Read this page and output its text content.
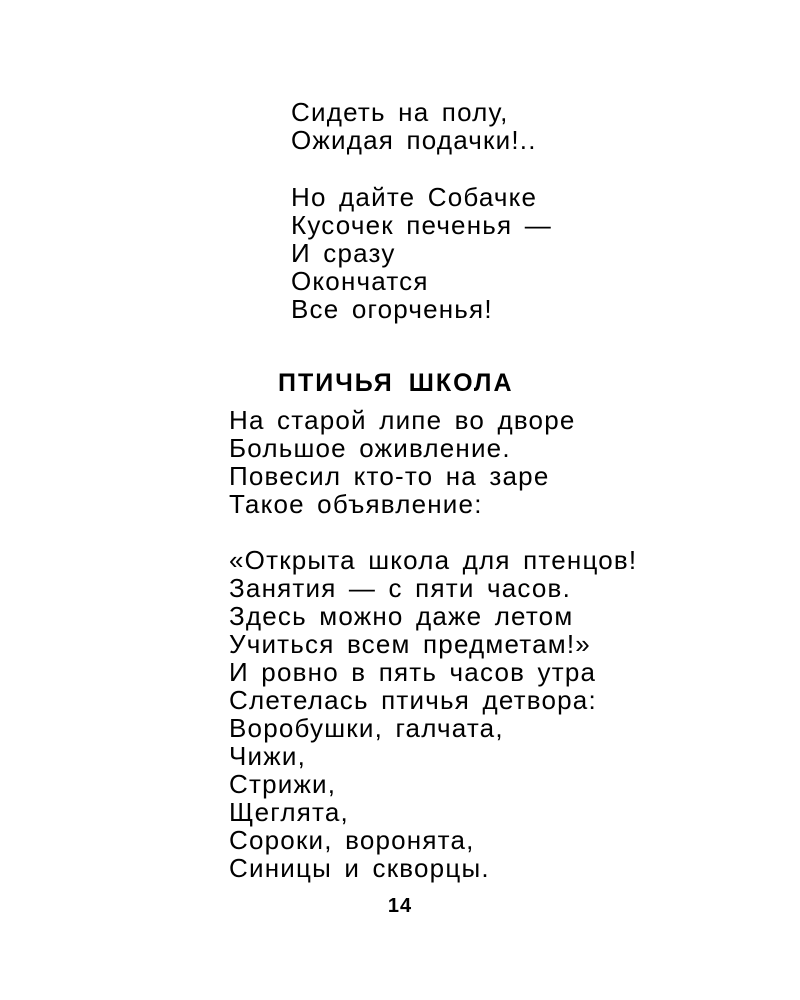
Сидеть на полу,
Ожидая подачки!..
Но дайте Собачке
Кусочек печенья —
И сразу
Окончатся
Все огорченья!
ПТИЧЬЯ ШКОЛА
На старой липе во дворе
Большое оживление.
Повесил кто-то на заре
Такое объявление:
«Открыта школа для птенцов!
Занятия — с пяти часов.
Здесь можно даже летом
Учиться всем предметам!»
И ровно в пять часов утра
Слетелась птичья детвора:
Воробушки, галчата,
Чижи,
Стрижи,
Щеглята,
Сороки, воронята,
Синицы и скворцы.
14
